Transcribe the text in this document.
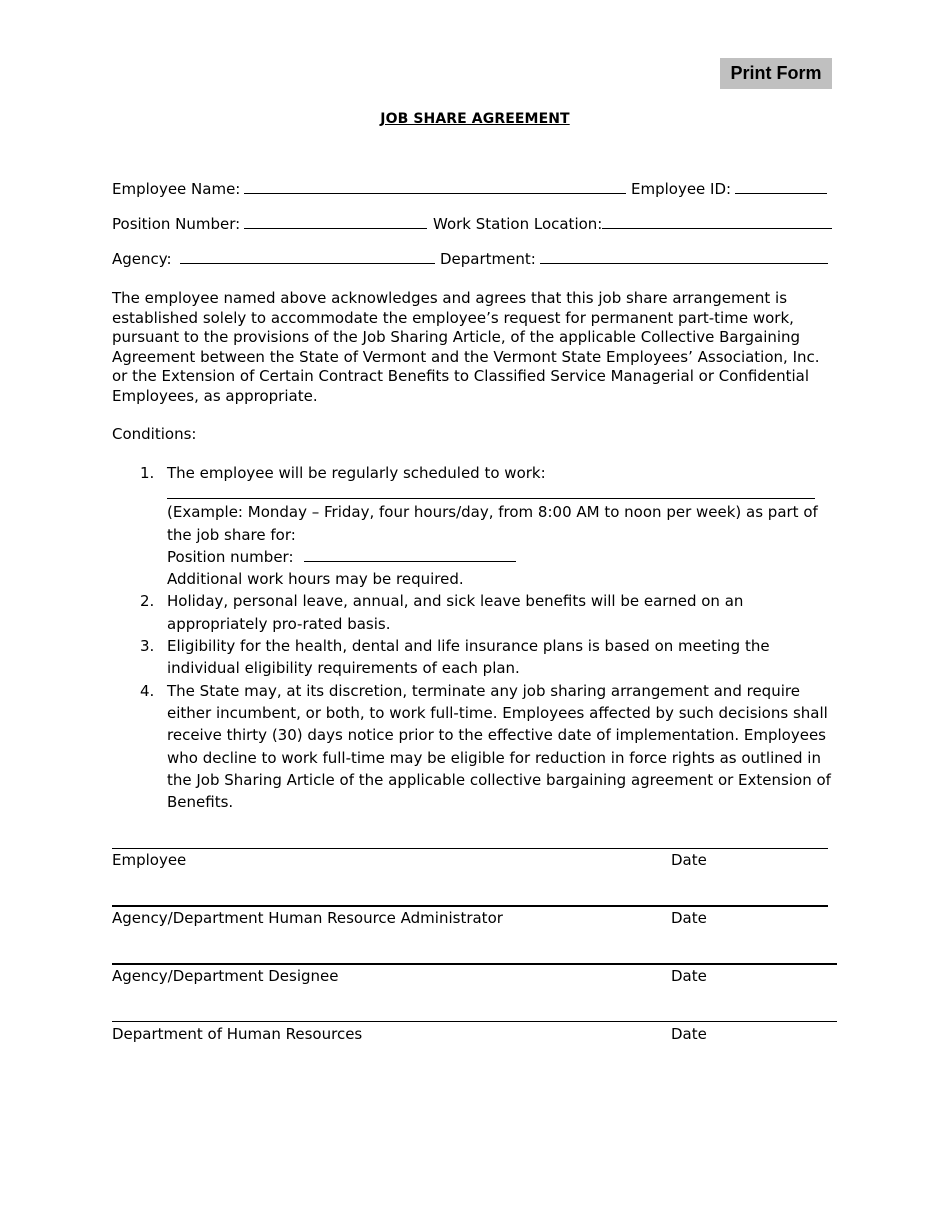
Print Form
JOB SHARE AGREEMENT
Employee Name:	Employee ID:
Position Number:	Work Station Location:
Agency:	Department:
The employee named above acknowledges and agrees that this job share arrangement is established solely to accommodate the employee’s request for permanent part-time work, pursuant to the provisions of the Job Sharing Article, of the applicable Collective Bargaining Agreement between the State of Vermont and the Vermont State Employees’ Association, Inc. or the Extension of Certain Contract Benefits to Classified Service Managerial or Confidential Employees, as appropriate.
Conditions:
1. The employee will be regularly scheduled to work:
(Example: Monday – Friday, four hours/day, from 8:00 AM to noon per week) as part of the job share for:
Position number:
Additional work hours may be required.
2. Holiday, personal leave, annual, and sick leave benefits will be earned on an appropriately pro-rated basis.
3. Eligibility for the health, dental and life insurance plans is based on meeting the individual eligibility requirements of each plan.
4. The State may, at its discretion, terminate any job sharing arrangement and require either incumbent, or both, to work full-time. Employees affected by such decisions shall receive thirty (30) days notice prior to the effective date of implementation. Employees who decline to work full-time may be eligible for reduction in force rights as outlined in the Job Sharing Article of the applicable collective bargaining agreement or Extension of Benefits.
Employee	Date
Agency/Department Human Resource Administrator	Date
Agency/Department Designee	Date
Department of Human Resources	Date
